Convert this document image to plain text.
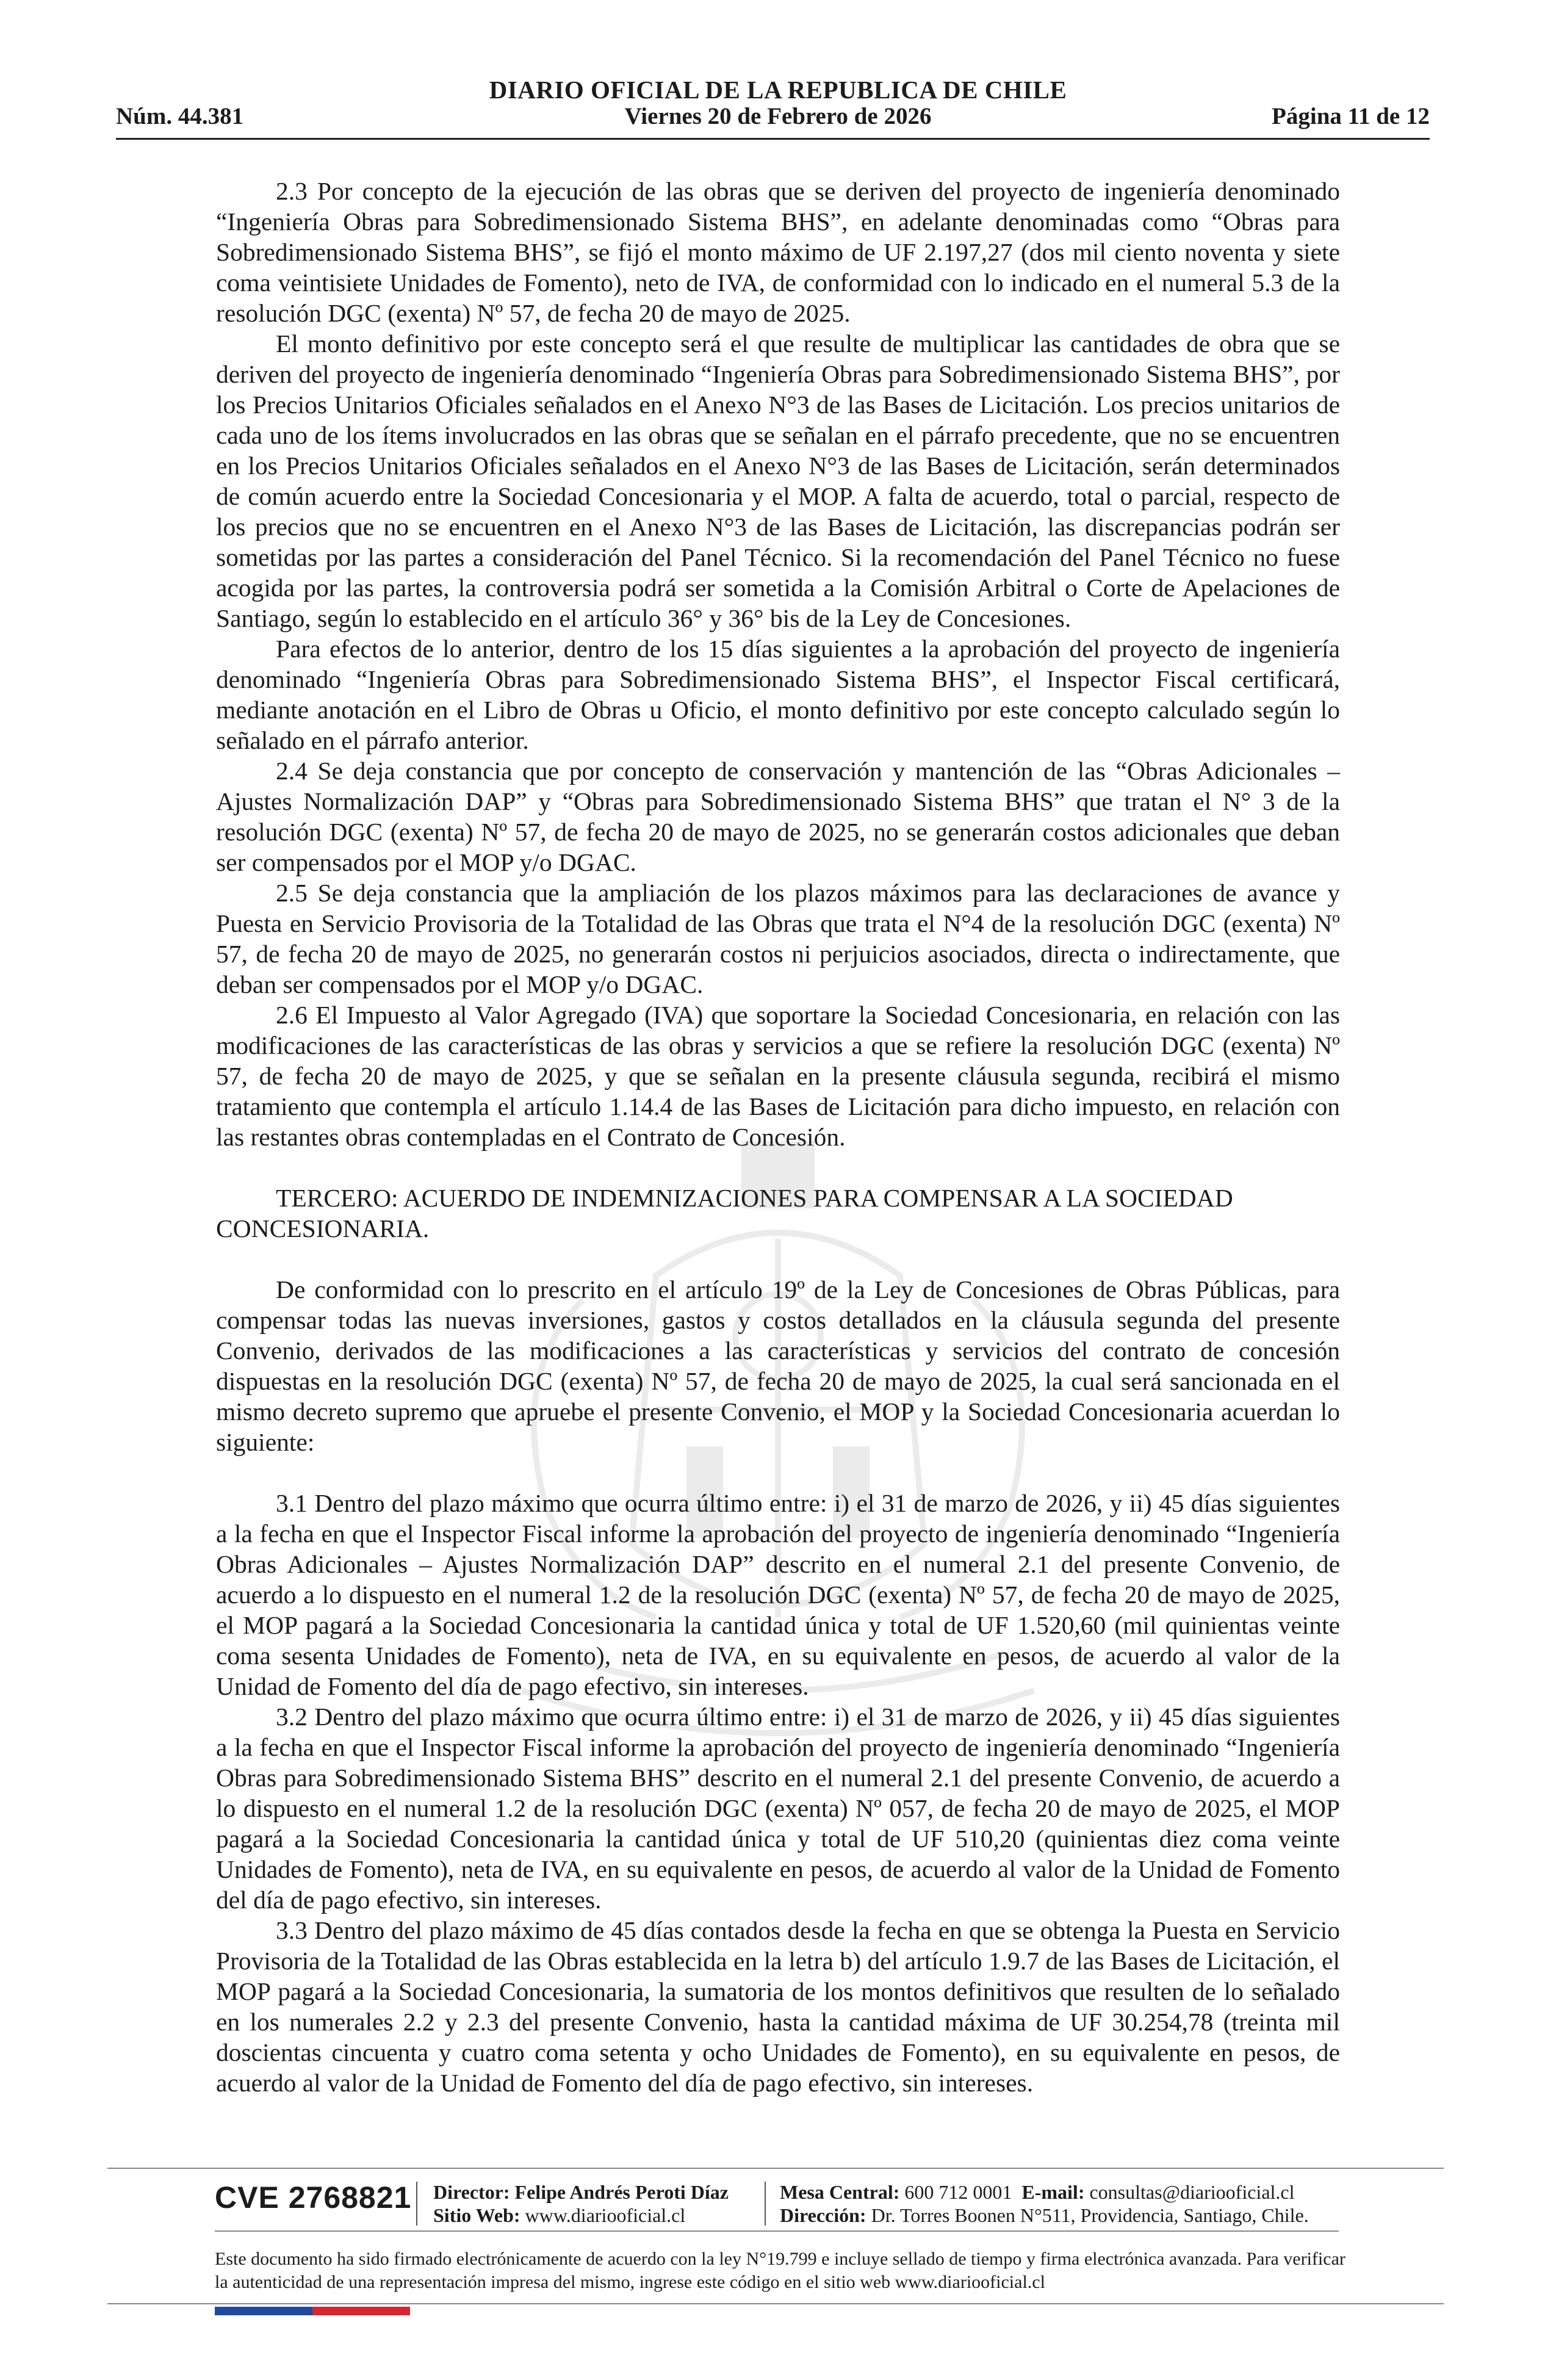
DIARIO OFICIAL DE LA REPUBLICA DE CHILE
Núm. 44.381	Viernes 20 de Febrero de 2026	Página 11 de 12

2.3 Por concepto de la ejecución de las obras que se deriven del proyecto de ingeniería denominado “Ingeniería Obras para Sobredimensionado Sistema BHS”, en adelante denominadas como “Obras para Sobredimensionado Sistema BHS”, se fijó el monto máximo de UF 2.197,27 (dos mil ciento noventa y siete coma veintisiete Unidades de Fomento), neto de IVA, de conformidad con lo indicado en el numeral 5.3 de la resolución DGC (exenta) Nº 57, de fecha 20 de mayo de 2025.

El monto definitivo por este concepto será el que resulte de multiplicar las cantidades de obra que se deriven del proyecto de ingeniería denominado “Ingeniería Obras para Sobredimensionado Sistema BHS”, por los Precios Unitarios Oficiales señalados en el Anexo N°3 de las Bases de Licitación. Los precios unitarios de cada uno de los ítems involucrados en las obras que se señalan en el párrafo precedente, que no se encuentren en los Precios Unitarios Oficiales señalados en el Anexo N°3 de las Bases de Licitación, serán determinados de común acuerdo entre la Sociedad Concesionaria y el MOP. A falta de acuerdo, total o parcial, respecto de los precios que no se encuentren en el Anexo N°3 de las Bases de Licitación, las discrepancias podrán ser sometidas por las partes a consideración del Panel Técnico. Si la recomendación del Panel Técnico no fuese acogida por las partes, la controversia podrá ser sometida a la Comisión Arbitral o Corte de Apelaciones de Santiago, según lo establecido en el artículo 36° y 36° bis de la Ley de Concesiones.

Para efectos de lo anterior, dentro de los 15 días siguientes a la aprobación del proyecto de ingeniería denominado “Ingeniería Obras para Sobredimensionado Sistema BHS”, el Inspector Fiscal certificará, mediante anotación en el Libro de Obras u Oficio, el monto definitivo por este concepto calculado según lo señalado en el párrafo anterior.

2.4 Se deja constancia que por concepto de conservación y mantención de las “Obras Adicionales – Ajustes Normalización DAP” y “Obras para Sobredimensionado Sistema BHS” que tratan el N° 3 de la resolución DGC (exenta) Nº 57, de fecha 20 de mayo de 2025, no se generarán costos adicionales que deban ser compensados por el MOP y/o DGAC.

2.5 Se deja constancia que la ampliación de los plazos máximos para las declaraciones de avance y Puesta en Servicio Provisoria de la Totalidad de las Obras que trata el N°4 de la resolución DGC (exenta) Nº 57, de fecha 20 de mayo de 2025, no generarán costos ni perjuicios asociados, directa o indirectamente, que deban ser compensados por el MOP y/o DGAC.

2.6 El Impuesto al Valor Agregado (IVA) que soportare la Sociedad Concesionaria, en relación con las modificaciones de las características de las obras y servicios a que se refiere la resolución DGC (exenta) Nº 57, de fecha 20 de mayo de 2025, y que se señalan en la presente cláusula segunda, recibirá el mismo tratamiento que contempla el artículo 1.14.4 de las Bases de Licitación para dicho impuesto, en relación con las restantes obras contempladas en el Contrato de Concesión.

TERCERO: ACUERDO DE INDEMNIZACIONES PARA COMPENSAR A LA SOCIEDAD CONCESIONARIA.

De conformidad con lo prescrito en el artículo 19º de la Ley de Concesiones de Obras Públicas, para compensar todas las nuevas inversiones, gastos y costos detallados en la cláusula segunda del presente Convenio, derivados de las modificaciones a las características y servicios del contrato de concesión dispuestas en la resolución DGC (exenta) Nº 57, de fecha 20 de mayo de 2025, la cual será sancionada en el mismo decreto supremo que apruebe el presente Convenio, el MOP y la Sociedad Concesionaria acuerdan lo siguiente:

3.1 Dentro del plazo máximo que ocurra último entre: i) el 31 de marzo de 2026, y ii) 45 días siguientes a la fecha en que el Inspector Fiscal informe la aprobación del proyecto de ingeniería denominado “Ingeniería Obras Adicionales – Ajustes Normalización DAP” descrito en el numeral 2.1 del presente Convenio, de acuerdo a lo dispuesto en el numeral 1.2 de la resolución DGC (exenta) Nº 57, de fecha 20 de mayo de 2025, el MOP pagará a la Sociedad Concesionaria la cantidad única y total de UF 1.520,60 (mil quinientas veinte coma sesenta Unidades de Fomento), neta de IVA, en su equivalente en pesos, de acuerdo al valor de la Unidad de Fomento del día de pago efectivo, sin intereses.

3.2 Dentro del plazo máximo que ocurra último entre: i) el 31 de marzo de 2026, y ii) 45 días siguientes a la fecha en que el Inspector Fiscal informe la aprobación del proyecto de ingeniería denominado “Ingeniería Obras para Sobredimensionado Sistema BHS” descrito en el numeral 2.1 del presente Convenio, de acuerdo a lo dispuesto en el numeral 1.2 de la resolución DGC (exenta) Nº 057, de fecha 20 de mayo de 2025, el MOP pagará a la Sociedad Concesionaria la cantidad única y total de UF 510,20 (quinientas diez coma veinte Unidades de Fomento), neta de IVA, en su equivalente en pesos, de acuerdo al valor de la Unidad de Fomento del día de pago efectivo, sin intereses.

3.3 Dentro del plazo máximo de 45 días contados desde la fecha en que se obtenga la Puesta en Servicio Provisoria de la Totalidad de las Obras establecida en la letra b) del artículo 1.9.7 de las Bases de Licitación, el MOP pagará a la Sociedad Concesionaria, la sumatoria de los montos definitivos que resulten de lo señalado en los numerales 2.2 y 2.3 del presente Convenio, hasta la cantidad máxima de UF 30.254,78 (treinta mil doscientas cincuenta y cuatro coma setenta y ocho Unidades de Fomento), en su equivalente en pesos, de acuerdo al valor de la Unidad de Fomento del día de pago efectivo, sin intereses.

CVE 2768821 Director: Felipe Andrés Peroti Díaz
Sitio Web: www.diariooficial.cl
Mesa Central: 600 712 0001 E-mail: consultas@diariooficial.cl
Dirección: Dr. Torres Boonen N°511, Providencia, Santiago, Chile.
Este documento ha sido firmado electrónicamente de acuerdo con la ley N°19.799 e incluye sellado de tiempo y firma electrónica avanzada. Para verificar la autenticidad de una representación impresa del mismo, ingrese este código en el sitio web www.diariooficial.cl
